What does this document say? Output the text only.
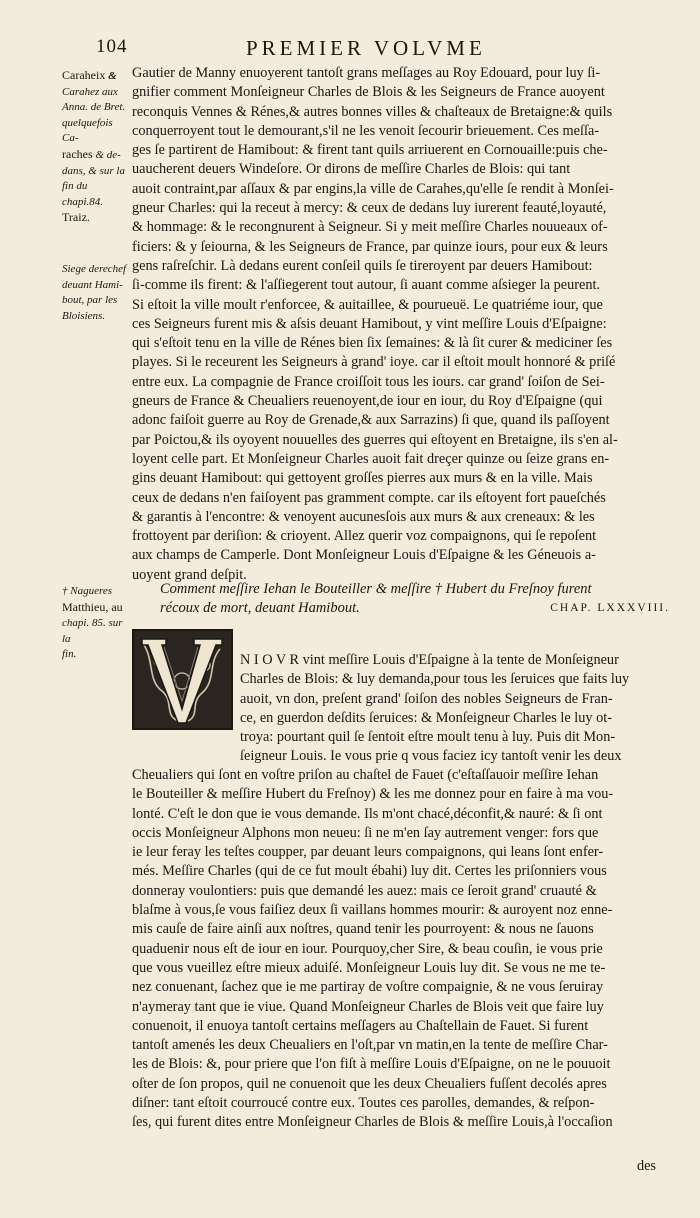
104	PREMIER VOLVME
Caraheix &
Carahez aux
Anna. de Bret.
quelquefois Ca-
raches & de-
dans, & sur la
fin du chapi.84.
Traiz.
Siege derechef
deuant Hami-
bout, par les
Bloisiens.
† Nagueres
Matthieu, au
chapi. 85. sur la
fin.
Gautier de Manny enuoyerent tantoſt grans meſſages au Roy Edouard, pour luy ſi-
gnifier comment Monſeigneur Charles de Blois & les Seigneurs de France auoyent
reconquis Vennes & Rénes,& autres bonnes villes & chaſteaux de Bretaigne:& quils
conquerroyent tout le demourant,s'il ne les venoit ſecourir brieuement. Ces meſſa-
ges ſe partirent de Hamibout: & firent tant quils arriuerent en Cornouaille:puis che-
uaucherent deuers Windeſore. Or dirons de meſſire Charles de Blois: qui tant
auoit contraint,par aſſaux & par engins,la ville de Carahes,qu'elle ſe rendit à Monſei-
gneur Charles: qui la receut à mercy: & ceux de dedans luy iurerent feauté,loyauté,
& hommage: & le recongnurent à Seigneur. Si y meit meſſire Charles nouueaux of-
ficiers: & y ſeiourna, & les Seigneurs de France, par quinze iours, pour eux & leurs
gens raſreſchir. Là dedans eurent conſeil quils ſe tireroyent par deuers Hamibout:
ſi-comme ils firent: & l'aſſiegerent tout autour, ſi auant comme aſsieger la peurent.
Si eſtoit la ville moult r'enforcee, & auitaillee, & pourueuë. Le quatriéme iour, que
ces Seigneurs furent mis & aſsis deuant Hamibout, y vint meſſire Louis d'Eſpaigne:
qui s'eſtoit tenu en la ville de Rénes bien ſix ſemaines: & là ſit curer & mediciner ſes
playes. Si le receurent les Seigneurs à grand' ioye. car il eſtoit moult honnoré & priſé
entre eux. La compagnie de France croiſſoit tous les iours. car grand' ſoiſon de Sei-
gneurs de France & Cheualiers reuenoyent,de iour en iour, du Roy d'Eſpaigne (qui
adonc faiſoit guerre au Roy de Grenade,& aux Sarrazins) ſi que, quand ils paſſoyent
par Poictou,& ils oyoyent nouuelles des guerres qui eſtoyent en Bretaigne, ils s'en al-
loyent celle part. Et Monſeigneur Charles auoit fait dreçer quinze ou ſeize grans en-
gins deuant Hamibout: qui gettoyent groſſes pierres aux murs & en la ville. Mais
ceux de dedans n'en faiſoyent pas gramment compte. car ils eſtoyent fort paueſchés
& garantis à l'encontre: & venoyent aucunesſois aux murs & aux creneaux: & les
frottoyent par deriſion: & crioyent. Allez querir voz compaignons, qui ſe repoſent
aux champs de Camperle. Dont Monſeigneur Louis d'Eſpaigne & les Géneuois a-
uoyent grand deſpit.
Comment meſſire Iehan le Bouteiller & meſſire † Hubert du Freſnoy furent
récoux de mort, deuant Hamibout.	CHAP. LXXXVIII.
N I O V R vint meſſire Louis d'Eſpaigne à la tente de Monſeigneur
Charles de Blois: & luy demanda,pour tous les ſeruices que faits luy
auoit, vn don, preſent grand' ſoiſon des nobles Seigneurs de Fran-
ce, en guerdon deſdits ſeruices: & Monſeigneur Charles le luy ot-
troya: pourtant quil ſe ſentoit eſtre moult tenu à luy. Puis dit Mon-
ſeigneur Louis. Ie vous prie q vous faciez icy tantoſt venir les deux
Cheualiers qui ſont en voſtre priſon au chaſtel de Fauet (c'eſtaſſauoir meſſire Iehan
le Bouteiller & meſſire Hubert du Freſnoy) & les me donnez pour en faire à ma vou-
lonté. C'eſt le don que ie vous demande. Ils m'ont chacé,déconfit,& nauré: & ſi ont
occis Monſeigneur Alphons mon neueu: ſi ne m'en ſay autrement venger: fors que
ie leur feray les teſtes coupper, par deuant leurs compaignons, qui leans ſont enfer-
més. Meſſire Charles (qui de ce fut moult ébahi) luy dit. Certes les priſonniers vous
donneray voulontiers: puis que demandé les auez: mais ce ſeroit grand' cruauté &
blaſme à vous,ſe vous faiſiez deux ſi vaillans hommes mourir: & auroyent noz enne-
mis cauſe de faire ainſi aux noſtres, quand tenir les pourroyent: & nous ne ſauons
quaduenir nous eſt de iour en iour. Pourquoy,cher Sire, & beau couſin, ie vous prie
que vous vueillez eſtre mieux aduiſé. Monſeigneur Louis luy dit. Se vous ne me te-
nez conuenant, ſachez que ie me partiray de voſtre compaignie, & ne vous ſeruiray
n'aymeray tant que ie viue. Quand Monſeigneur Charles de Blois veit que faire luy
conuenoit, il enuoya tantoſt certains meſſagers au Chaſtellain de Fauet. Si furent
tantoſt amenés les deux Cheualiers en l'oſt,par vn matin,en la tente de meſſire Char-
les de Blois: &, pour priere que l'on fiſt à meſſire Louis d'Eſpaigne, on ne le pouuoit
oſter de ſon propos, quil ne conuenoit que les deux Cheualiers fuſſent decolés apres
diſner: tant eſtoit courroucé contre eux. Toutes ces parolles, demandes, & reſpon-
ſes, qui furent dites entre Monſeigneur Charles de Blois & meſſire Louis,à l'occaſion
des
